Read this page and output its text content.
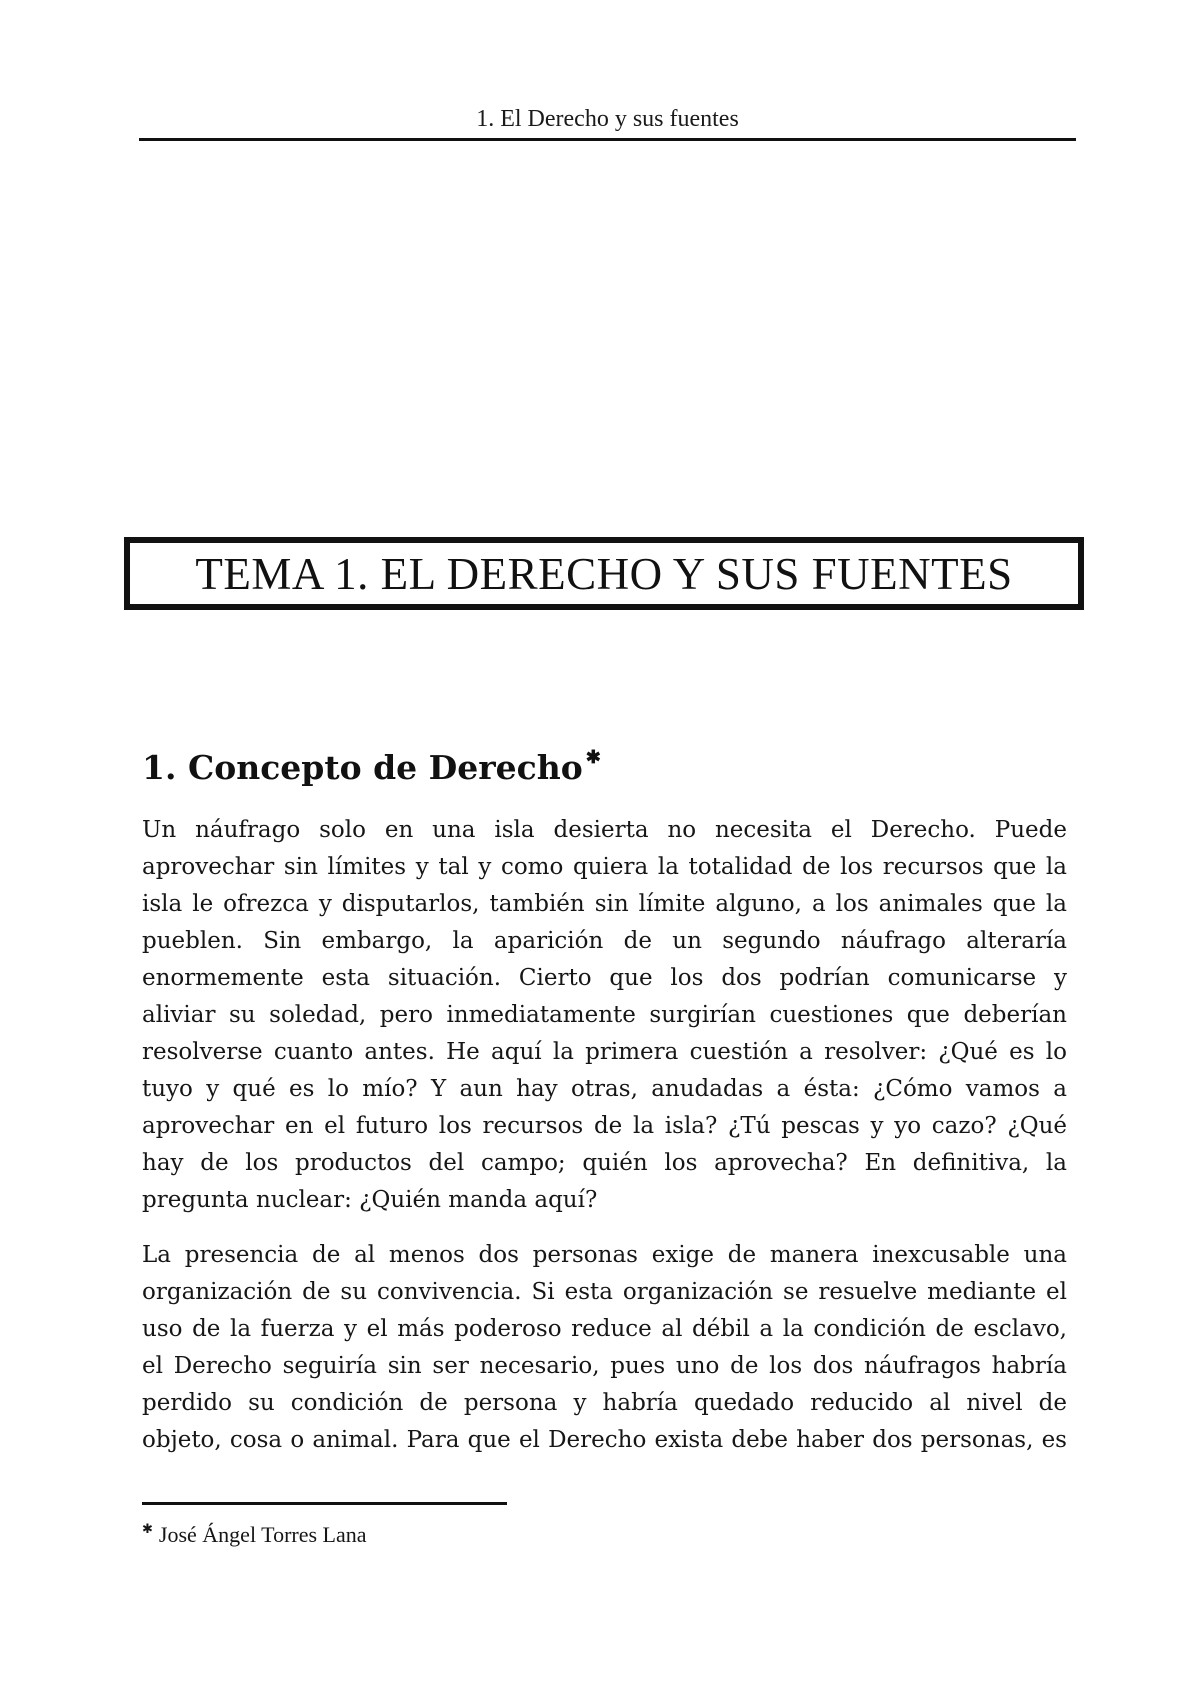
1. El Derecho y sus fuentes
TEMA 1. EL DERECHO Y SUS FUENTES
1. Concepto de Derecho ✱
Un náufrago solo en una isla desierta no necesita el Derecho. Puede
aprovechar sin límites y tal y como quiera la totalidad de los recursos que la
isla le ofrezca y disputarlos, también sin límite alguno, a los animales que la
pueblen. Sin embargo, la aparición de un segundo náufrago alteraría
enormemente esta situación. Cierto que los dos podrían comunicarse y
aliviar su soledad, pero inmediatamente surgirían cuestiones que deberían
resolverse cuanto antes. He aquí la primera cuestión a resolver: ¿Qué es lo
tuyo y qué es lo mío? Y aun hay otras, anudadas a ésta: ¿Cómo vamos a
aprovechar en el futuro los recursos de la isla? ¿Tú pescas y yo cazo? ¿Qué
hay de los productos del campo; quién los aprovecha? En definitiva, la
pregunta nuclear: ¿Quién manda aquí?
La presencia de al menos dos personas exige de manera inexcusable una
organización de su convivencia. Si esta organización se resuelve mediante el
uso de la fuerza y el más poderoso reduce al débil a la condición de esclavo,
el Derecho seguiría sin ser necesario, pues uno de los dos náufragos habría
perdido su condición de persona y habría quedado reducido al nivel de
objeto, cosa o animal. Para que el Derecho exista debe haber dos personas, es
✱ José Ángel Torres Lana
